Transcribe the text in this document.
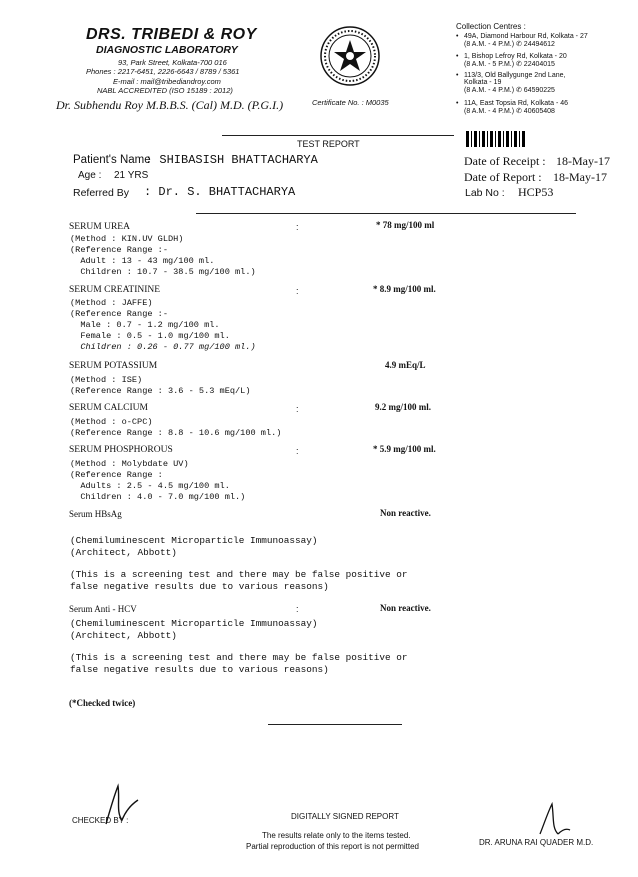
DRS. TRIBEDI & ROY
DIAGNOSTIC LABORATORY
93, Park Street, Kolkata-700 016
Phones : 2217-6451, 2226-6643 / 8789 / 5361
E-mail : mail@tribediandroy.com
NABL ACCREDITED (ISO 15189 : 2012)
Dr. Subhendu Roy M.B.B.S. (Cal) M.D. (P.G.I.)	Certificate No. : M0035
Collection Centres :
• 49A, Diamond Harbour Rd, Kolkata - 27
(8 A.M. - 4 P.M.) ✆ 24494612
• 1, Bishop Lefroy Rd, Kolkata - 20
(8 A.M. - 5 P.M.) ✆ 22404015
• 113/3, Old Ballygunge 2nd Lane,
Kolkata - 19
(8 A.M. - 4 P.M.) ✆ 64590225
• 11A, East Topsia Rd, Kolkata - 46
(8 A.M. - 4 P.M.) ✆ 40605408
TEST REPORT
Patient's Name
: SHIBASISH BHATTACHARYA
Age : 21 YRS
Referred By : Dr. S. BHATTACHARYA
Date of Receipt : 18-May-17
Date of Report : 18-May-17
Lab No : HCP53
SERUM UREA	:	* 78 mg/100 ml
(Method : KIN.UV GLDH)
(Reference Range :-
Adult : 13 - 43 mg/100 ml.
Children : 10.7 - 38.5 mg/100 ml.)
SERUM CREATININE	:	* 8.9 mg/100 ml.
(Method : JAFFE)
(Reference Range :-
Male : 0.7 - 1.2 mg/100 ml.
Female : 0.5 - 1.0 mg/100 ml.
Children : 0.26 - 0.77 mg/100 ml.)
SERUM POTASSIUM	4.9 mEq/L
(Method : ISE)
(Reference Range : 3.6 - 5.3 mEq/L)
SERUM CALCIUM	:	9.2 mg/100 ml.
(Method : o-CPC)
(Reference Range : 8.8 - 10.6 mg/100 ml.)
SERUM PHOSPHOROUS	:	* 5.9 mg/100 ml.
(Method : Molybdate UV)
(Reference Range :
Adults : 2.5 - 4.5 mg/100 ml.
Children : 4.0 - 7.0 mg/100 ml.)
Serum HBsAg	Non reactive.
(Chemiluminescent Microparticle Immunoassay)
(Architect, Abbott)
(This is a screening test and there may be false positive or
false negative results due to various reasons)
Serum Anti - HCV	:	Non reactive.
(Chemiluminescent Microparticle Immunoassay)
(Architect, Abbott)
(This is a screening test and there may be false positive or
false negative results due to various reasons)
(*Checked twice)
CHECKED BY :	DIGITALLY SIGNED REPORT
The results relate only to the items tested.
Partial reproduction of this report is not permitted	DR. ARUNA RAI QUADER M.D.
